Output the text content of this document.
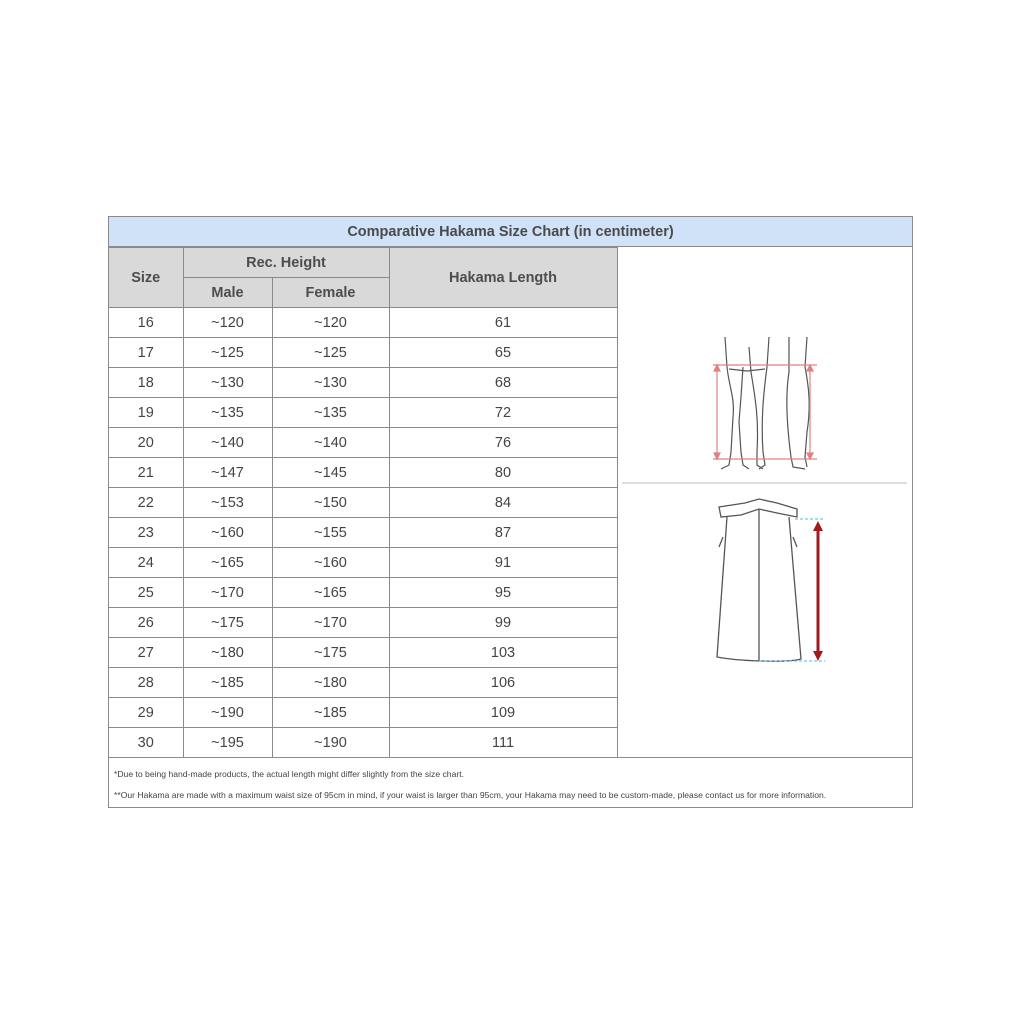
Comparative Hakama Size Chart (in centimeter)
Size	Rec. Height		Hakama Length
	Male	Female	
16	~120	~120	61
17	~125	~125	65
18	~130	~130	68
19	~135	~135	72
20	~140	~140	76
21	~147	~145	80
22	~153	~150	84
23	~160	~155	87
24	~165	~160	91
25	~170	~165	95
26	~175	~170	99
27	~180	~175	103
28	~185	~180	106
29	~190	~185	109
30	~195	~190	111
*Due to being hand-made products, the actual length might differ slightly from the size chart.
**Our Hakama are made with a maximum waist size of 95cm in mind, if your waist is larger than 95cm, your Hakama may need to be custom-made, please contact us for more information.
